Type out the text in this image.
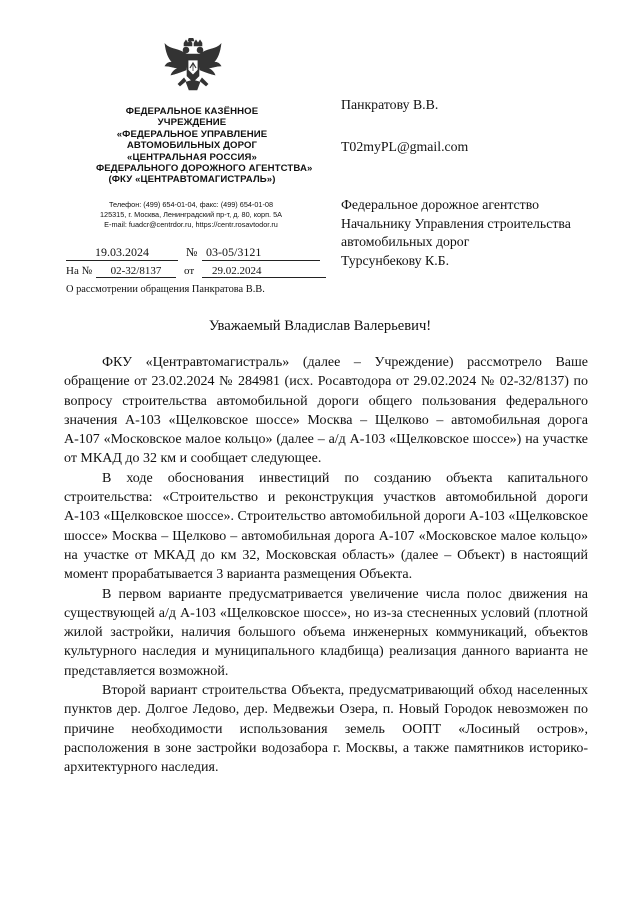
ФЕДЕРАЛЬНОЕ КАЗЁННОЕ
УЧРЕЖДЕНИЕ
«ФЕДЕРАЛЬНОЕ УПРАВЛЕНИЕ
АВТОМОБИЛЬНЫХ ДОРОГ
«ЦЕНТРАЛЬНАЯ РОССИЯ»
ФЕДЕРАЛЬНОГО ДОРОЖНОГО АГЕНТСТВА»
(ФКУ «ЦЕНТРАВТОМАГИСТРАЛЬ»)
Телефон: (499) 654-01-04, факс: (499) 654-01-08
125315, г. Москва, Ленинградский пр-т, д. 80, корп. 5А
E-mail: fuadcr@centrdor.ru, https://centr.rosavtodor.ru
19.03.2024	№ 03-05/3121
На №	02-32/8137	от	29.02.2024
О рассмотрении обращения Панкратова В.В.
Панкратову В.В.
T02myPL@gmail.com
Федеральное дорожное агентство
Начальнику Управления строительства
автомобильных дорог
Турсунбекову К.Б.
Уважаемый Владислав Валерьевич!

ФКУ «Центравтомагистраль» (далее – Учреждение) рассмотрело Ваше обращение от 23.02.2024 № 284981 (исх. Росавтодора от 29.02.2024 № 02-32/8137) по вопросу строительства автомобильной дороги общего пользования федерального значения А-103 «Щелковское шоссе» Москва – Щелково – автомобильная дорога А-107 «Московское малое кольцо» (далее – а/д А-103 «Щелковское шоссе») на участке от МКАД до 32 км и сообщает следующее.

В ходе обоснования инвестиций по созданию объекта капитального строительства: «Строительство и реконструкция участков автомобильной дороги А-103 «Щелковское шоссе». Строительство автомобильной дороги А-103 «Щелковское шоссе» Москва – Щелково – автомобильная дорога А-107 «Московское малое кольцо» на участке от МКАД до км 32, Московская область» (далее – Объект) в настоящий момент прорабатывается 3 варианта размещения Объекта.

В первом варианте предусматривается увеличение числа полос движения на существующей а/д А-103 «Щелковское шоссе», но из-за стесненных условий (плотной жилой застройки, наличия большого объема инженерных коммуникаций, объектов культурного наследия и муниципального кладбища) реализация данного варианта не представляется возможной.

Второй вариант строительства Объекта, предусматривающий обход населенных пунктов дер. Долгое Ледово, дер. Медвежьи Озера, п. Новый Городок невозможен по причине необходимости использования земель ООПТ «Лосиный остров», расположения в зоне застройки водозабора г. Москвы, а также памятников историко-архитектурного наследия.
